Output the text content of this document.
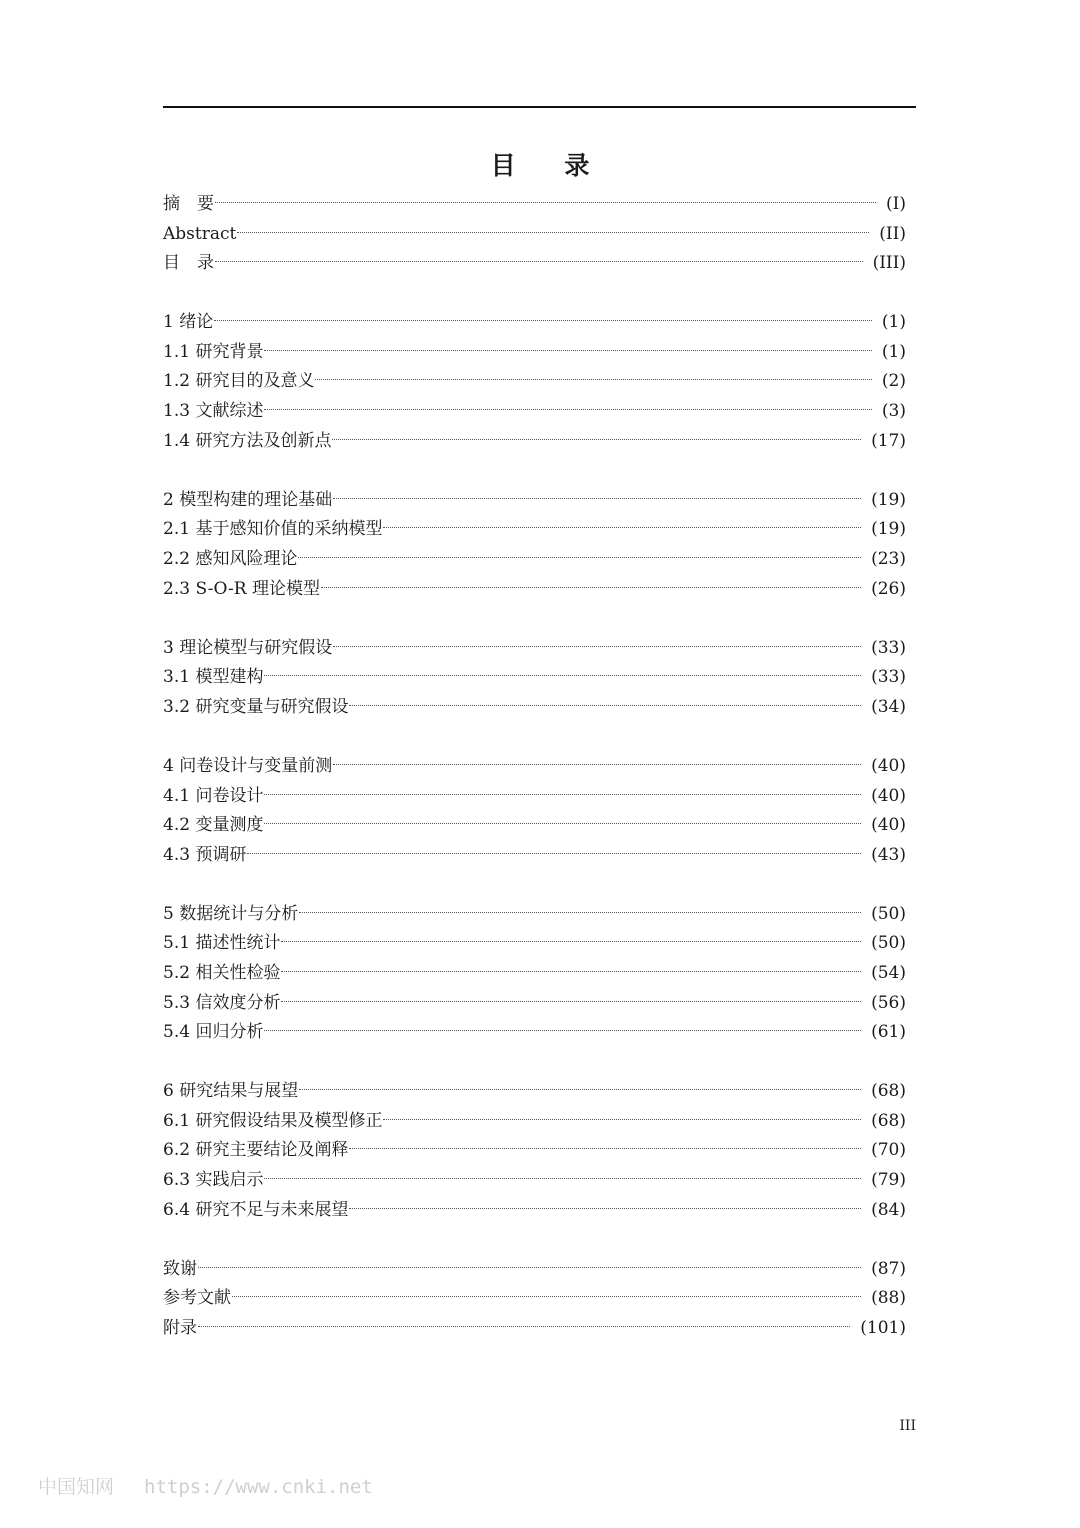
目 录
摘　要	(I)
Abstract	(II)
目　录	(III)
1 绪论	(1)
1.1 研究背景	(1)
1.2 研究目的及意义	(2)
1.3 文献综述	(3)
1.4 研究方法及创新点	(17)
2 模型构建的理论基础	(19)
2.1 基于感知价值的采纳模型	(19)
2.2 感知风险理论	(23)
2.3 S-O-R 理论模型	(26)
3 理论模型与研究假设	(33)
3.1 模型建构	(33)
3.2 研究变量与研究假设	(34)
4 问卷设计与变量前测	(40)
4.1 问卷设计	(40)
4.2 变量测度	(40)
4.3 预调研	(43)
5 数据统计与分析	(50)
5.1 描述性统计	(50)
5.2 相关性检验	(54)
5.3 信效度分析	(56)
5.4 回归分析	(61)
6 研究结果与展望	(68)
6.1 研究假设结果及模型修正	(68)
6.2 研究主要结论及阐释	(70)
6.3 实践启示	(79)
6.4 研究不足与未来展望	(84)
致谢	(87)
参考文献	(88)
附录	(101)
III
中国知网 https://www.cnki.net
